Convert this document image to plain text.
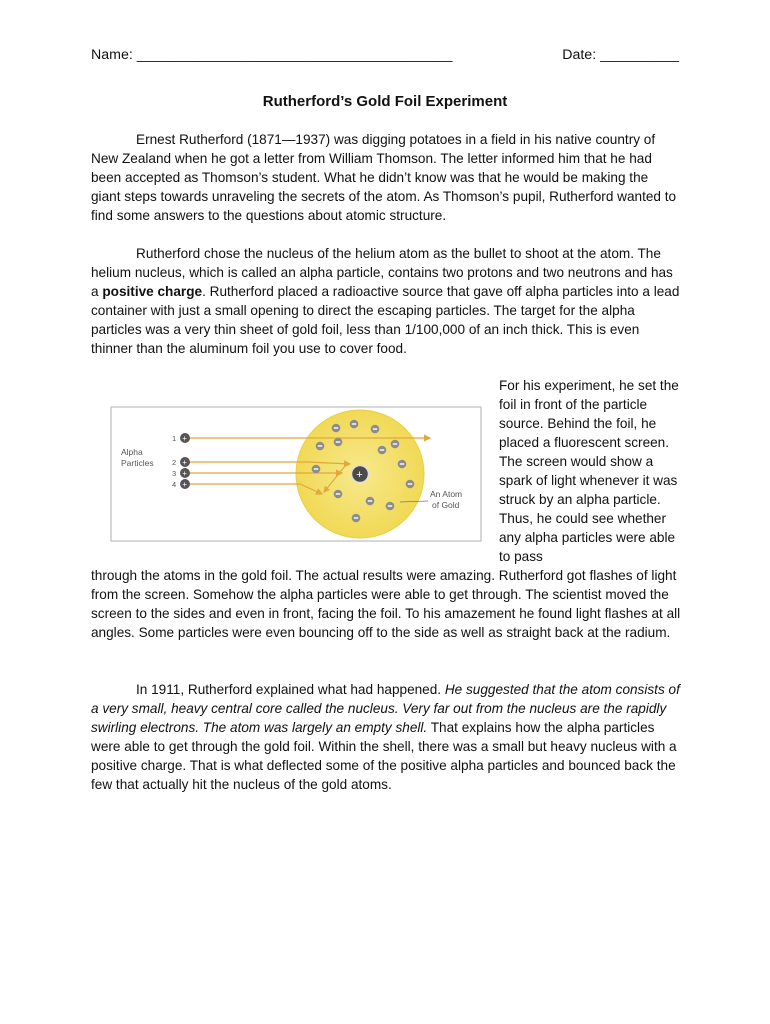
Name: ________________________________________	Date: __________
Rutherford’s Gold Foil Experiment
Ernest Rutherford (1871—1937) was digging potatoes in a field in his native country of New Zealand when he got a letter from William Thomson. The letter informed him that he had been accepted as Thomson’s student. What he didn’t know was that he would be making the giant steps towards unraveling the secrets of the atom. As Thomson’s pupil, Rutherford wanted to find some answers to the questions about atomic structure.
Rutherford chose the nucleus of the helium atom as the bullet to shoot at the atom. The helium nucleus, which is called an alpha particle, contains two protons and two neutrons and has a positive charge. Rutherford placed a radioactive source that gave off alpha particles into a lead container with just a small opening to direct the escaping particles. The target for the alpha particles was a very thin sheet of gold foil, less than 1/100,000 of an inch thick. This is even thinner than the aluminum foil you use to cover food.
Alpha
Particles
1
2
3
4
+
+
+
+
+
An Atom
of Gold
For his experiment, he set the foil in front of the particle source. Behind the foil, he placed a fluorescent screen. The screen would show a spark of light whenever it was struck by an alpha particle. Thus, he could see whether any alpha particles were able to pass
through the atoms in the gold foil. The actual results were amazing. Rutherford got flashes of light from the screen. Somehow the alpha particles were able to get through. The scientist moved the screen to the sides and even in front, facing the foil. To his amazement he found light flashes at all angles. Some particles were even bouncing off to the side as well as straight back at the radium.
In 1911, Rutherford explained what had happened. He suggested that the atom consists of a very small, heavy central core called the nucleus. Very far out from the nucleus are the rapidly swirling electrons. The atom was largely an empty shell. That explains how the alpha particles were able to get through the gold foil. Within the shell, there was a small but heavy nucleus with a positive charge. That is what deflected some of the positive alpha particles and bounced back the few that actually hit the nucleus of the gold atoms.
